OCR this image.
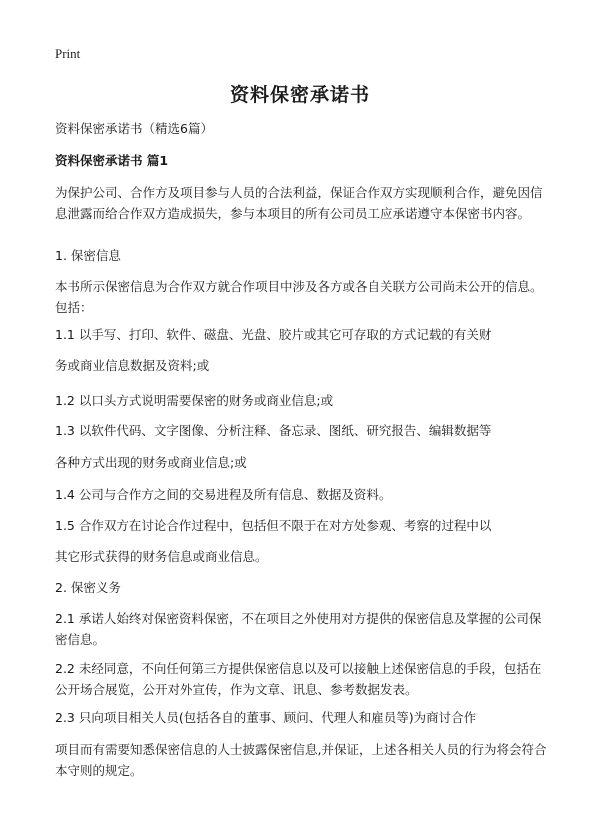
Print
资料保密承诺书
资料保密承诺书（精选6篇）
资料保密承诺书 篇1
为保护公司、合作方及项目参与人员的合法利益，保证合作双方实现顺利合作，避免因信息泄露而给合作双方造成损失，参与本项目的所有公司员工应承诺遵守本保密书内容。
1. 保密信息
本书所示保密信息为合作双方就合作项目中涉及各方或各自关联方公司尚未公开的信息。包括：
1.1 以手写、打印、软件、磁盘、光盘、胶片或其它可存取的方式记载的有关财
务或商业信息数据及资料;或
1.2 以口头方式说明需要保密的财务或商业信息;或
1.3 以软件代码、文字图像、分析注释、备忘录、图纸、研究报告、编辑数据等
各种方式出现的财务或商业信息;或
1.4 公司与合作方之间的交易进程及所有信息、数据及资料。
1.5 合作双方在讨论合作过程中，包括但不限于在对方处参观、考察的过程中以
其它形式获得的财务信息或商业信息。
2. 保密义务
2.1 承诺人始终对保密资料保密，不在项目之外使用对方提供的保密信息及掌握的公司保密信息。
2.2 未经同意，不向任何第三方提供保密信息以及可以接触上述保密信息的手段，包括在公开场合展览，公开对外宣传，作为文章、讯息、参考数据发表。
2.3 只向项目相关人员(包括各自的董事、顾问、代理人和雇员等)为商讨合作
项目而有需要知悉保密信息的人士披露保密信息,并保证，上述各相关人员的行为将会符合本守则的规定。
